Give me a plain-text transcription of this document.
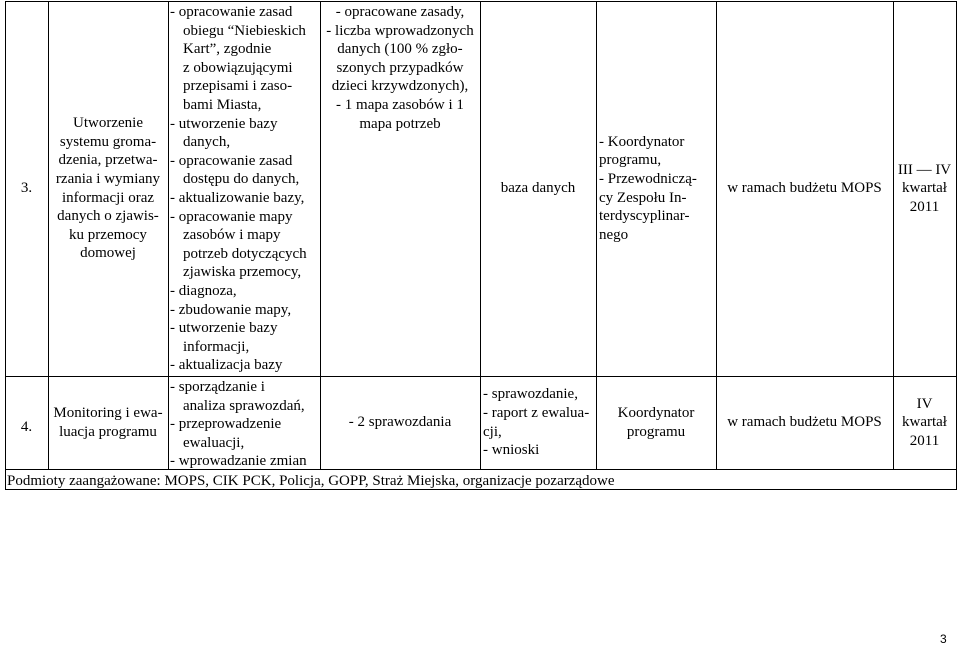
3.
Utworzenie
systemu groma-
dzenia, przetwa-
rzania i wymiany
informacji oraz
danych o zjawis-
ku przemocy
domowej
- opracowanie zasad
obiegu “Niebieskich
Kart”, zgodnie
z obowiązującymi
przepisami i zaso-
bami Miasta,
- utworzenie bazy
danych,
- opracowanie zasad
dostępu do danych,
- aktualizowanie bazy,
- opracowanie mapy
zasobów i mapy
potrzeb dotyczących
zjawiska przemocy,
- diagnoza,
- zbudowanie mapy,
- utworzenie bazy
informacji,
- aktualizacja bazy
- opracowane zasady,
- liczba wprowadzonych
danych (100 % zgło-
szonych przypadków
dzieci krzywdzonych),
- 1 mapa zasobów i 1
mapa potrzeb
baza danych
- Koordynator
programu,
- Przewodniczą-
cy Zespołu In-
terdyscyplinar-
nego
w ramach budżetu MOPS
III — IV
kwartał
2011
4.
Monitoring i ewa-
luacja programu
- sporządzanie i
analiza sprawozdań,
- przeprowadzenie
ewaluacji,
- wprowadzanie zmian
- 2 sprawozdania
- sprawozdanie,
- raport z ewalua-
cji,
- wnioski
Koordynator
programu
w ramach budżetu MOPS
IV
kwartał
2011
Podmioty zaangażowane: MOPS, CIK PCK, Policja, GOPP, Straż Miejska, organizacje pozarządowe
3
